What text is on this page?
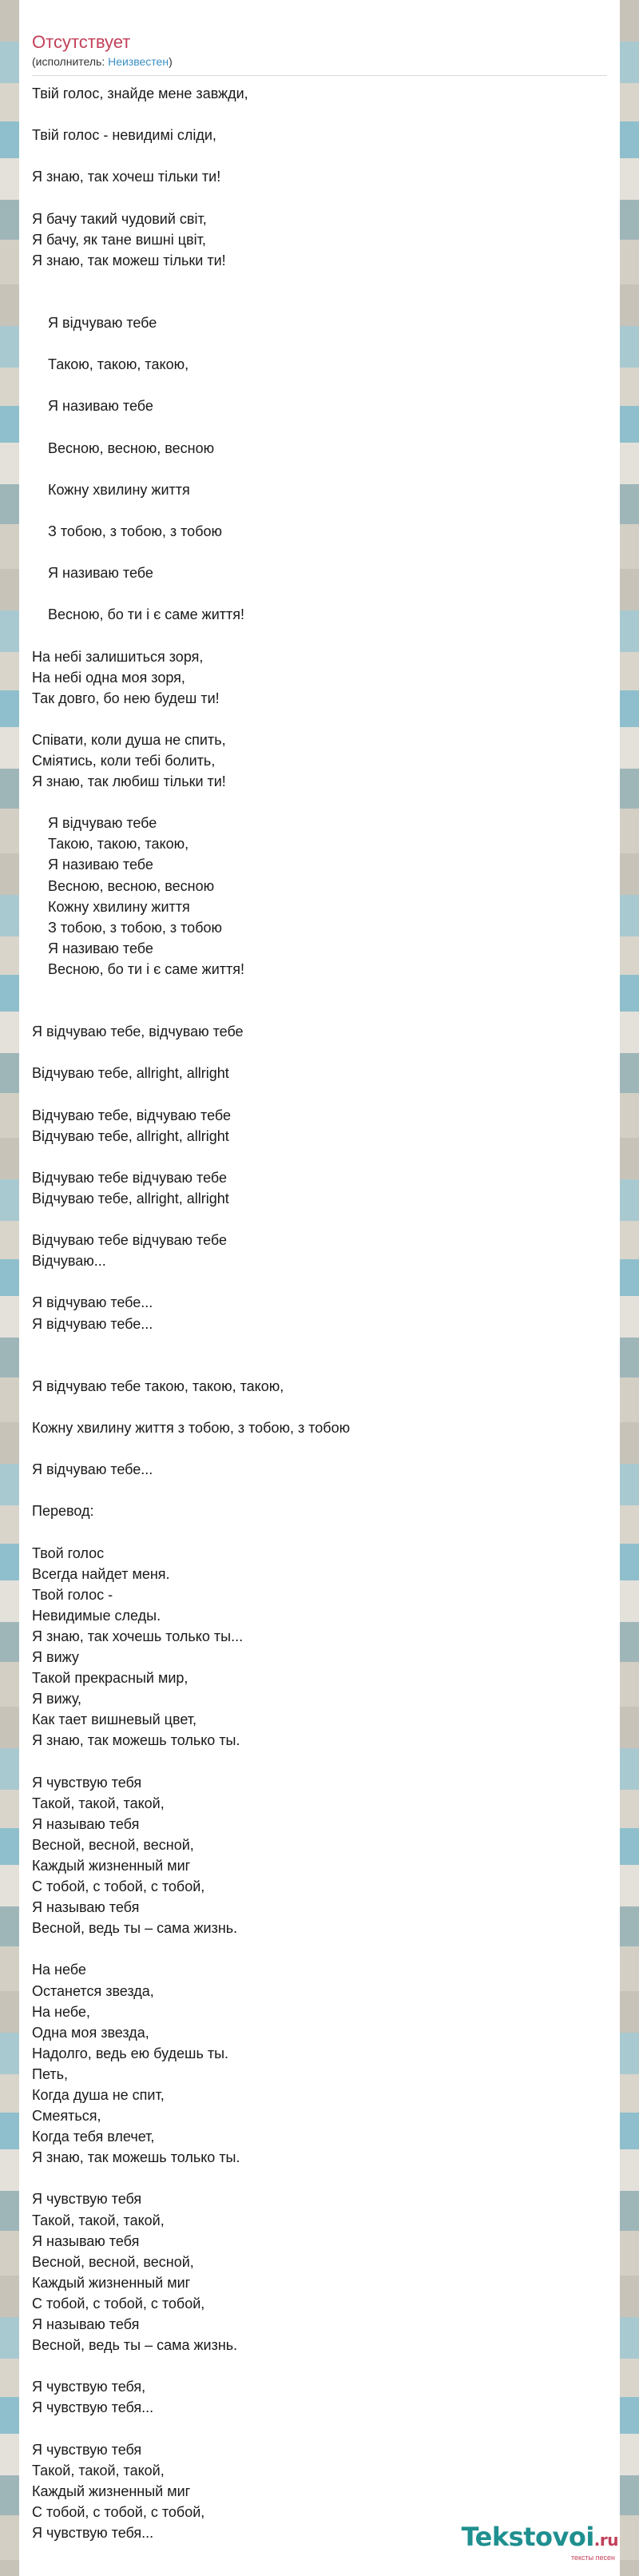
Отсутствует
(исполнитель: Неизвестен)
Твій голос, знайде мене завжди,

Твій голос - невидимі сліди,

Я знаю, так хочеш тільки ти!

Я бачу такий чудовий світ,
Я бачу, як тане вишні цвіт,
Я знаю, так можеш тільки ти!

Я відчуваю тебе

Такою, такою, такою,

Я називаю тебе

Весною, весною, весною

Кожну хвилину життя

З тобою, з тобою, з тобою

Я називаю тебе

Весною, бо ти і є саме життя!

На небі залишиться зоря,
На небі одна моя зоря,
Так довго, бо нею будеш ти!

Співати, коли душа не спить,
Сміятись, коли тебі болить,
Я знаю, так любиш тільки ти!

Я відчуваю тебе
Такою, такою, такою,
Я називаю тебе
Весною, весною, весною
Кожну хвилину життя
З тобою, з тобою, з тобою
Я називаю тебе
Весною, бо ти і є саме життя!

Я відчуваю тебе, відчуваю тебе

Відчуваю тебе, allright, allright

Відчуваю тебе, відчуваю тебе
Відчуваю тебе, allright, allright

Відчуваю тебе відчуваю тебе
Відчуваю тебе, allright, allright

Відчуваю тебе відчуваю тебе
Відчуваю...

Я відчуваю тебе...
Я відчуваю тебе...

Я відчуваю тебе такою, такою, такою,

Кожну хвилину життя з тобою, з тобою, з тобою

Я відчуваю тебе...

Перевод:

Твой голос
Всегда найдет меня.
Твой голос -
Невидимые следы.
Я знаю, так хочешь только ты...
Я вижу
Такой прекрасный мир,
Я вижу,
Как тает вишневый цвет,
Я знаю, так можешь только ты.

Я чувствую тебя
Такой, такой, такой,
Я называю тебя
Весной, весной, весной,
Каждый жизненный миг
С тобой, с тобой, с тобой,
Я называю тебя
Весной, ведь ты – сама жизнь.

На небе
Останется звезда,
На небе,
Одна моя звезда,
Надолго, ведь ею будешь ты.
Петь,
Когда душа не спит,
Смеяться,
Когда тебя влечет,
Я знаю, так можешь только ты.

Я чувствую тебя
Такой, такой, такой,
Я называю тебя
Весной, весной, весной,
Каждый жизненный миг
С тобой, с тобой, с тобой,
Я называю тебя
Весной, ведь ты – сама жизнь.

Я чувствую тебя,
Я чувствую тебя...

Я чувствую тебя
Такой, такой, такой,
Каждый жизненный миг
С тобой, с тобой, с тобой,
Я чувствую тебя...	Tekstovoi.ru
тексты песен
